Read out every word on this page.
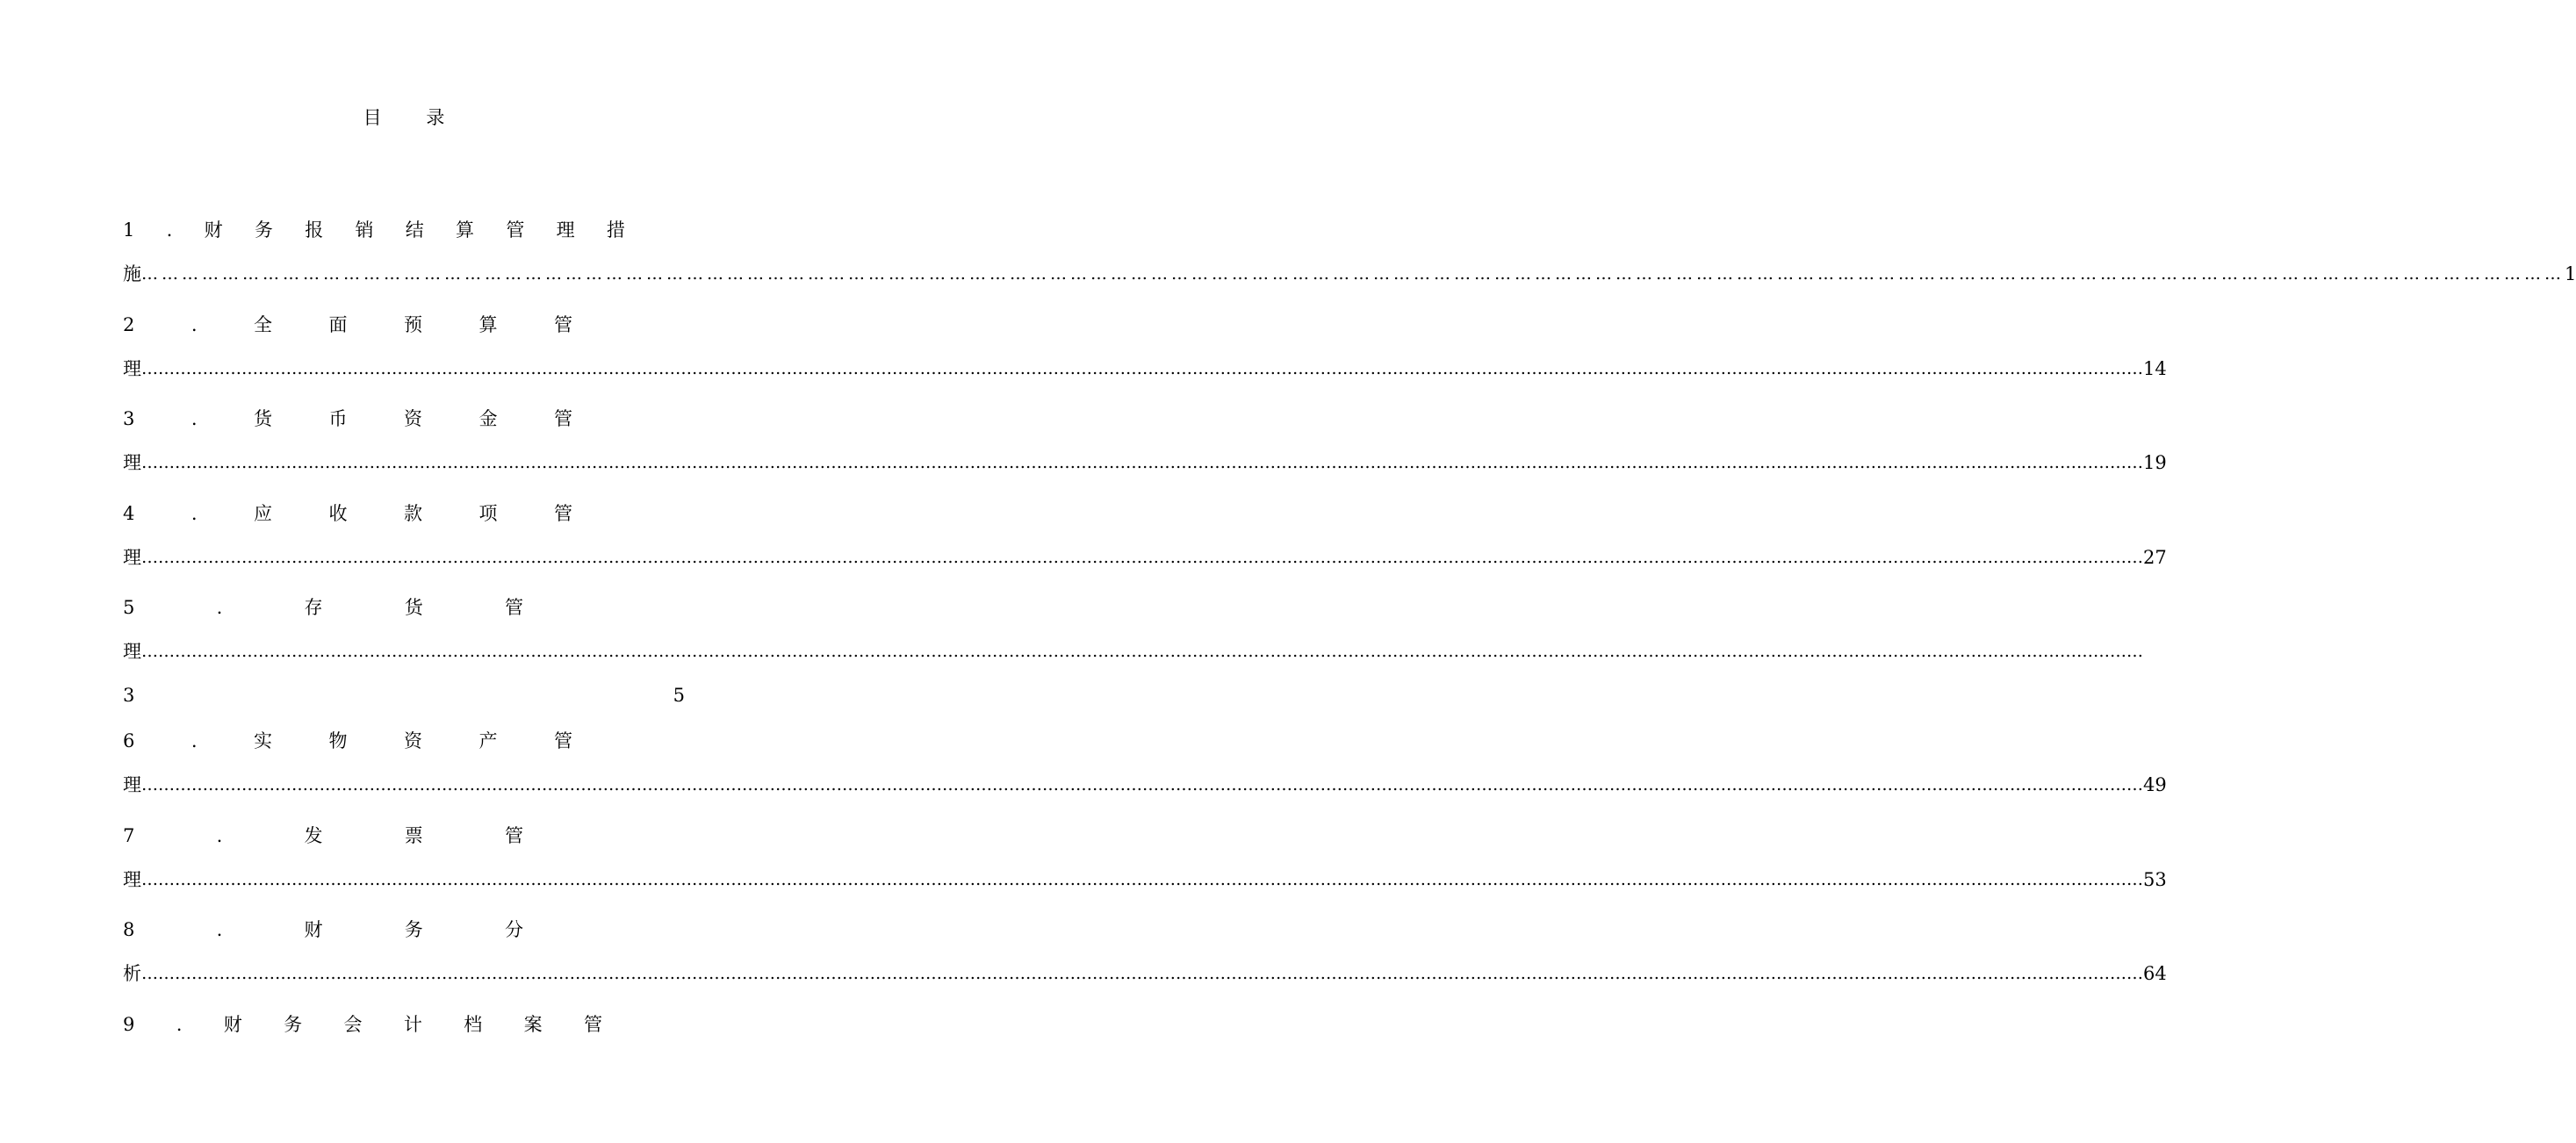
目 录
1 . 财 务 报 销 结 算 管 理 措
施 ……………………………………………………………………………………………………………………………………………………………………………………………………………………………………………………………………………………………………………………………… 1
2	.	全	面	预	算	管
理 ……………………………………………………………………………………………………………………………………………………………………………………………………………………………………………………………………………………………………………………………… 14
3	.	货	币	资	金	管
理 ……………………………………………………………………………………………………………………………………………………………………………………………………………………………………………………………………………………………………………………………… 19
4	.	应	收	款	项	管
理 ……………………………………………………………………………………………………………………………………………………………………………………………………………………………………………………………………………………………………………………………… 27
5	.	存	货	管
理 ………………………………………………………………………………………………………………………………………………………………………………………………………………………………………………………………………………………………………………………………
3	5
6	.	实	物	资	产	管
理 ……………………………………………………………………………………………………………………………………………………………………………………………………………………………………………………………………………………………………………………………… 49
7	.	发	票	管
理 ……………………………………………………………………………………………………………………………………………………………………………………………………………………………………………………………………………………………………………………………… 53
8	.	财	务	分
析 ……………………………………………………………………………………………………………………………………………………………………………………………………………………………………………………………………………………………………………………………… 64
9 . 财 务 会 计 档 案 管
